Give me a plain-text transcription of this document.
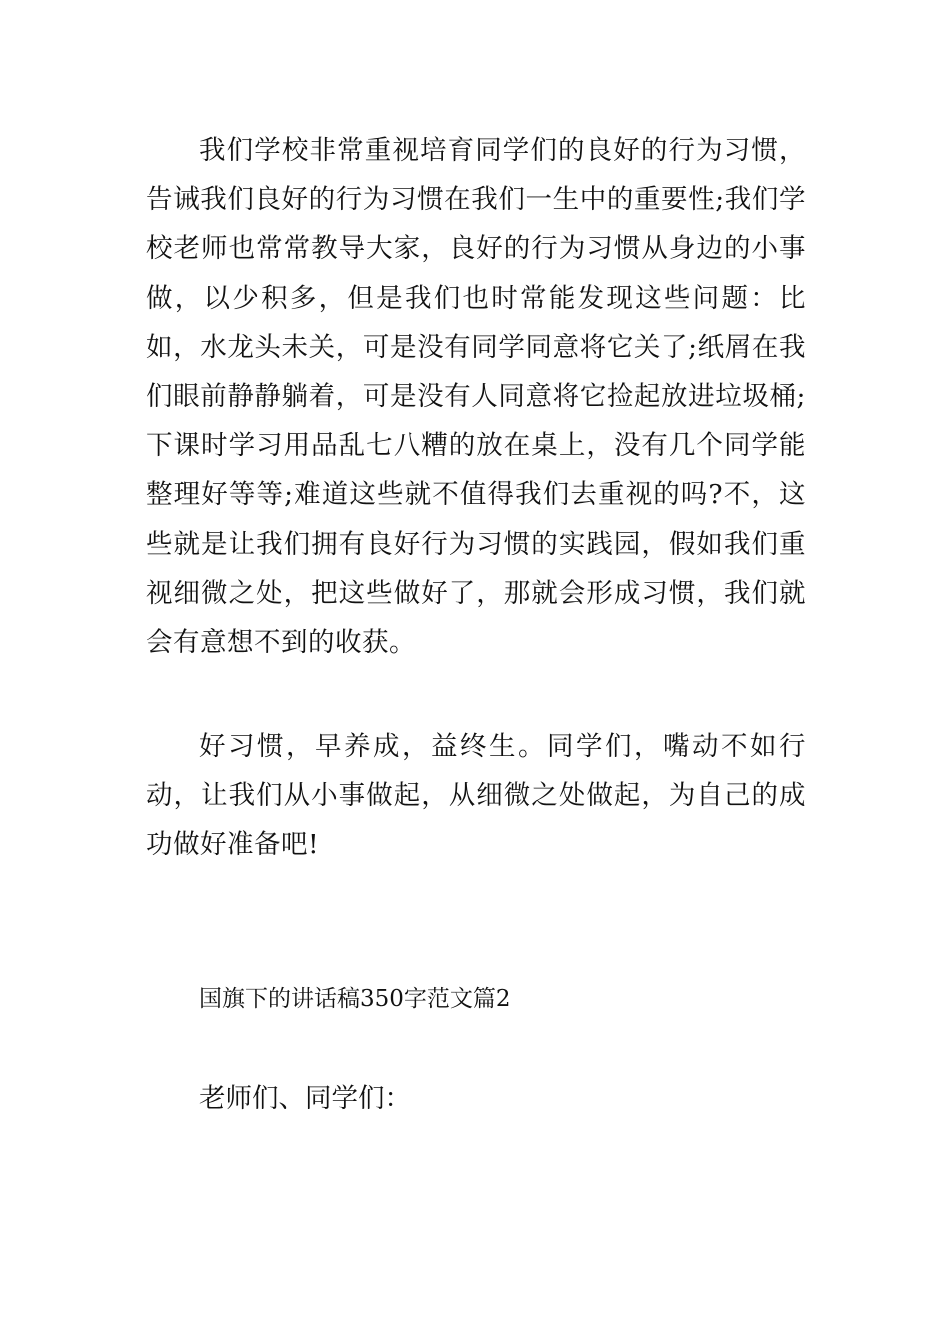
我们学校非常重视培育同学们的良好的行为习惯，告诫我们良好的行为习惯在我们一生中的重要性;我们学校老师也常常教导大家，良好的行为习惯从身边的小事做，以少积多，但是我们也时常能发现这些问题：比如，水龙头未关，可是没有同学同意将它关了;纸屑在我们眼前静静躺着，可是没有人同意将它捡起放进垃圾桶;下课时学习用品乱七八糟的放在桌上，没有几个同学能整理好等等;难道这些就不值得我们去重视的吗?不，这些就是让我们拥有良好行为习惯的实践园，假如我们重视细微之处，把这些做好了，那就会形成习惯，我们就会有意想不到的收获。

好习惯，早养成，益终生。同学们，嘴动不如行动，让我们从小事做起，从细微之处做起，为自己的成功做好准备吧!

国旗下的讲话稿350字范文篇2

老师们、同学们：
